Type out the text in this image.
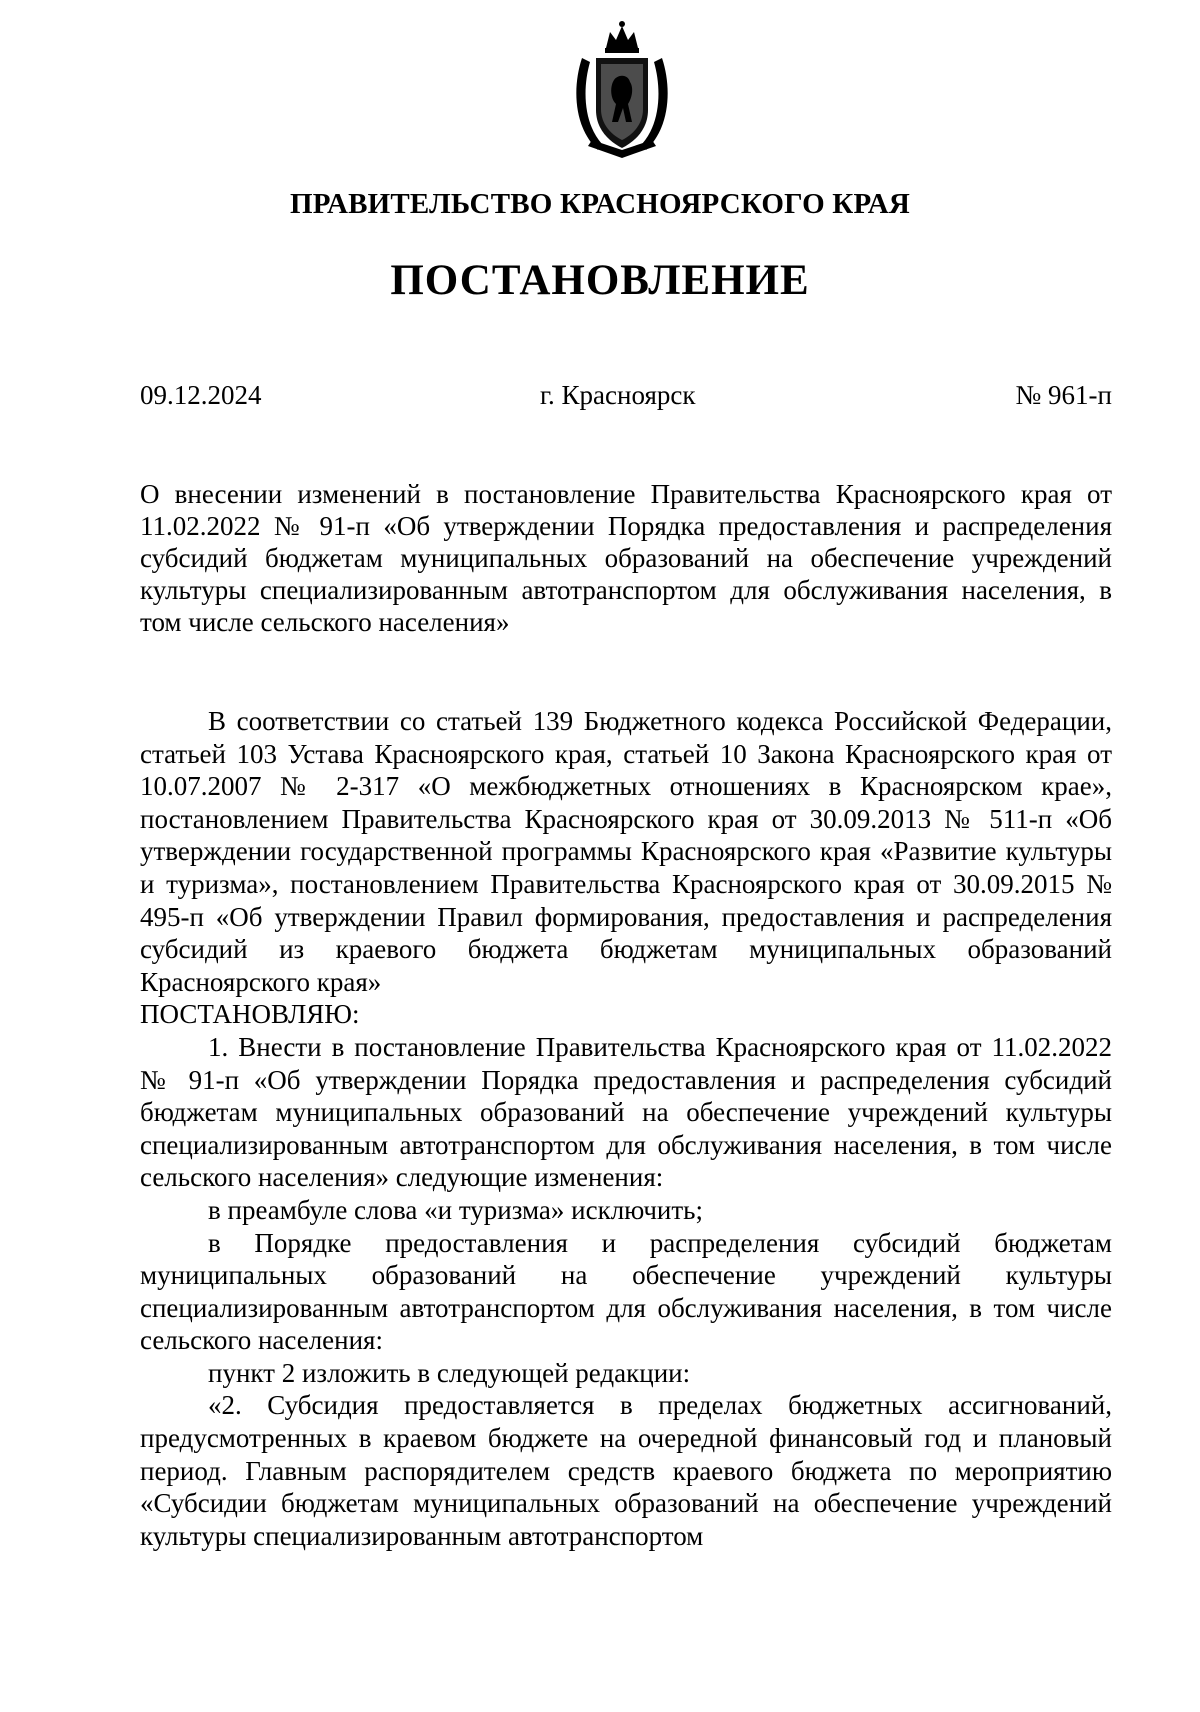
ПРАВИТЕЛЬСТВО КРАСНОЯРСКОГО КРАЯ
ПОСТАНОВЛЕНИЕ
09.12.2024	г. Красноярск	№ 961-п
О внесении изменений в постановление Правительства Красноярского края от 11.02.2022 № 91-п «Об утверждении Порядка предоставления и распределения субсидий бюджетам муниципальных образований на обеспечение учреждений культуры специализированным автотранспортом для обслуживания населения, в том числе сельского населения»

В соответствии со статьей 139 Бюджетного кодекса Российской Федерации, статьей 103 Устава Красноярского края, статьей 10 Закона Красноярского края от 10.07.2007 № 2-317 «О межбюджетных отношениях в Красноярском крае», постановлением Правительства Красноярского края от 30.09.2013 № 511-п «Об утверждении государственной программы Красноярского края «Развитие культуры и туризма», постановлением Правительства Красноярского края от 30.09.2015 № 495-п «Об утверждении Правил формирования, предоставления и распределения субсидий из краевого бюджета бюджетам муниципальных образований Красноярского края»

ПОСТАНОВЛЯЮ:

1. Внести в постановление Правительства Красноярского края от 11.02.2022 № 91-п «Об утверждении Порядка предоставления и распределения субсидий бюджетам муниципальных образований на обеспечение учреждений культуры специализированным автотранспортом для обслуживания населения, в том числе сельского населения» следующие изменения:

в преамбуле слова «и туризма» исключить;

в Порядке предоставления и распределения субсидий бюджетам муниципальных образований на обеспечение учреждений культуры специализированным автотранспортом для обслуживания населения, в том числе сельского населения:

пункт 2 изложить в следующей редакции:

«2. Субсидия предоставляется в пределах бюджетных ассигнований, предусмотренных в краевом бюджете на очередной финансовый год и плановый период. Главным распорядителем средств краевого бюджета по мероприятию «Субсидии бюджетам муниципальных образований на обеспечение учреждений культуры специализированным автотранспортом
